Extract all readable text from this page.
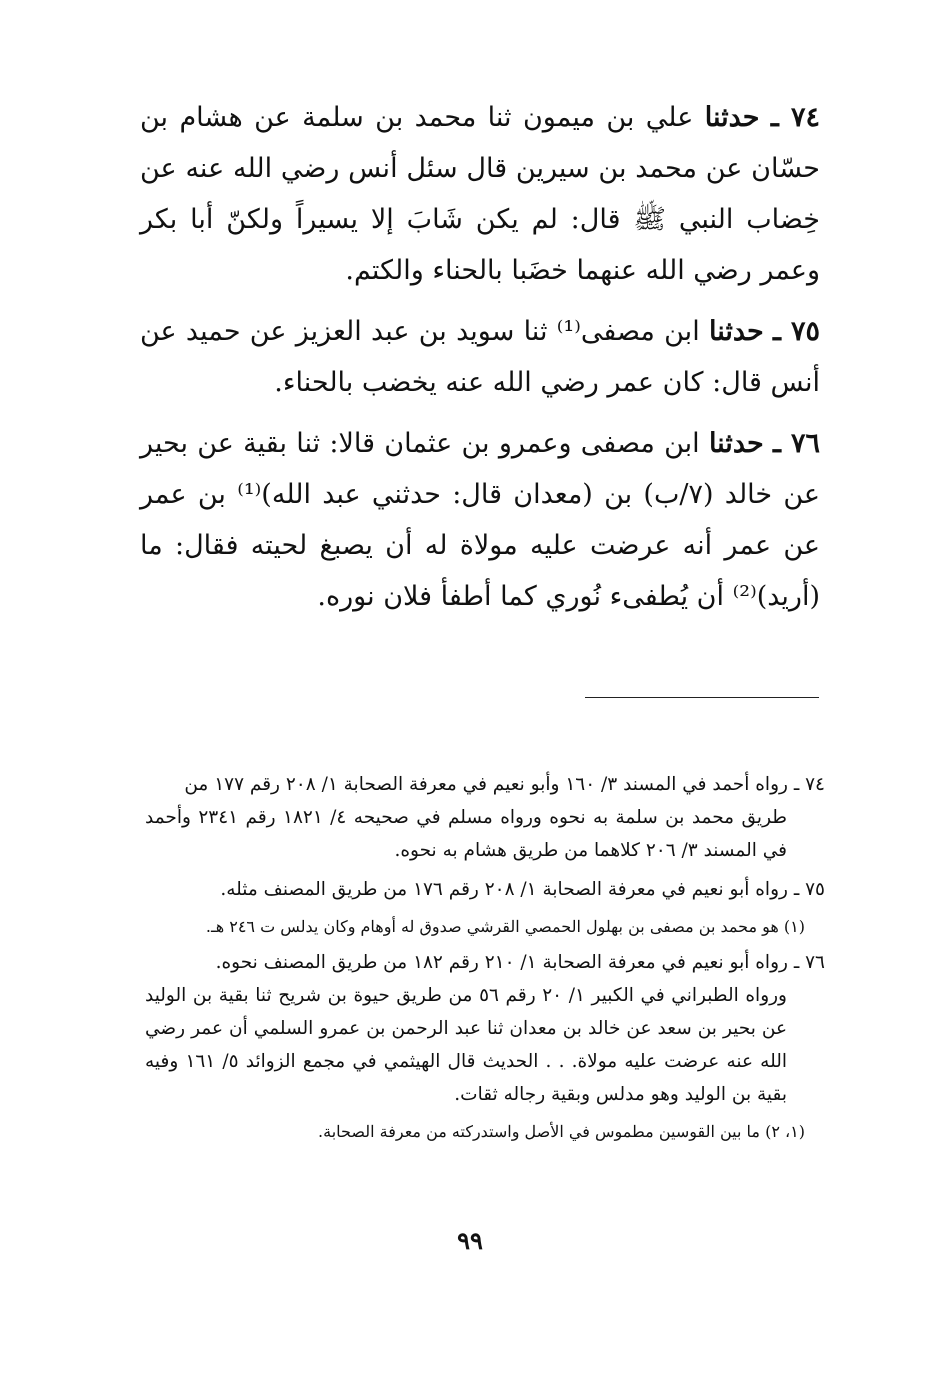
٧٤ ـ حدثنا علي بن ميمون ثنا محمد بن سلمة عن هشام بن حسّان عن محمد بن سيرين قال سئل أنس رضي الله عنه عن خِضاب النبي ﷺ قال: لم يكن شَابَ إلا يسيراً ولكنّ أبا بكر وعمر رضي الله عنهما خضَبا بالحناء والكتم.

٧٥ ـ حدثنا ابن مصفى⁽¹⁾ ثنا سويد بن عبد العزيز عن حميد عن أنس قال: كان عمر رضي الله عنه يخضب بالحناء.

٧٦ ـ حدثنا ابن مصفى وعمرو بن عثمان قالا: ثنا بقية عن بحير عن خالد (٧/ب) بن (معدان قال: حدثني عبد الله)⁽¹⁾ بن عمر عن عمر أنه عرضت عليه مولاة له أن يصبغ لحيته فقال: ما (أريد)⁽²⁾ أن يُطفىء نُوري كما أطفأ فلان نوره.

٧٤ ـ رواه أحمد في المسند ٣/ ١٦٠ وأبو نعيم في معرفة الصحابة ١/ ٢٠٨ رقم ١٧٧ من
طريق محمد بن سلمة به نحوه ورواه مسلم في صحيحه ٤/ ١٨٢١ رقم ٢٣٤١ وأحمد في المسند ٣/ ٢٠٦ كلاهما من طريق هشام به نحوه.
٧٥ ـ رواه أبو نعيم في معرفة الصحابة ١/ ٢٠٨ رقم ١٧٦ من طريق المصنف مثله.
(١) هو محمد بن مصفى بن بهلول الحمصي القرشي صدوق له أوهام وكان يدلس ت ٢٤٦ هـ.
٧٦ ـ رواه أبو نعيم في معرفة الصحابة ١/ ٢١٠ رقم ١٨٢ من طريق المصنف نحوه.
ورواه الطبراني في الكبير ١/ ٢٠ رقم ٥٦ من طريق حيوة بن شريح ثنا بقية بن الوليد عن بحير بن سعد عن خالد بن معدان ثنا عبد الرحمن بن عمرو السلمي أن عمر رضي الله عنه عرضت عليه مولاة. . . الحديث قال الهيثمي في مجمع الزوائد ٥/ ١٦١ وفيه بقية بن الوليد وهو مدلس وبقية رجاله ثقات.
(١، ٢) ما بين القوسين مطموس في الأصل واستدركته من معرفة الصحابة.
٩٩
